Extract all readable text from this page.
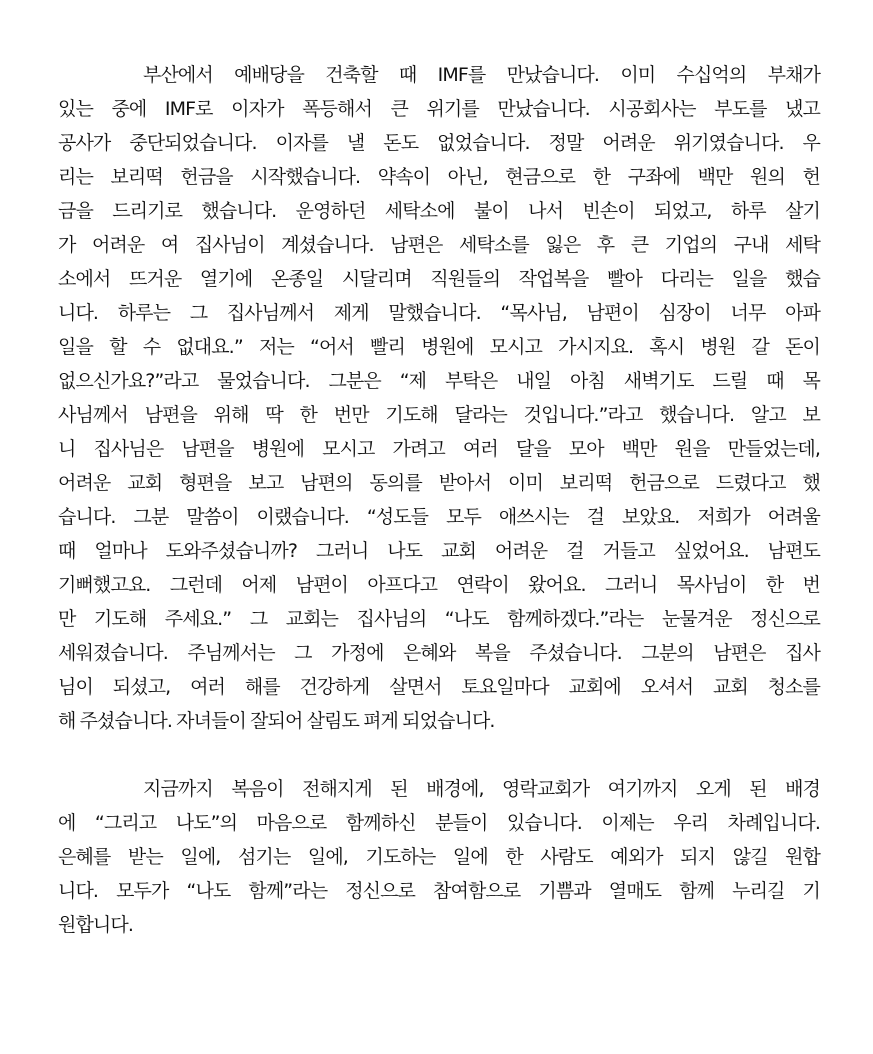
부산에서 예배당을 건축할 때 IMF를 만났습니다. 이미 수십억의 부채가
있는 중에 IMF로 이자가 폭등해서 큰 위기를 만났습니다. 시공회사는 부도를 냈고
공사가 중단되었습니다. 이자를 낼 돈도 없었습니다. 정말 어려운 위기였습니다. 우
리는 보리떡 헌금을 시작했습니다. 약속이 아닌, 현금으로 한 구좌에 백만 원의 헌
금을 드리기로 했습니다. 운영하던 세탁소에 불이 나서 빈손이 되었고, 하루 살기
가 어려운 여 집사님이 계셨습니다. 남편은 세탁소를 잃은 후 큰 기업의 구내 세탁
소에서 뜨거운 열기에 온종일 시달리며 직원들의 작업복을 빨아 다리는 일을 했습
니다. 하루는 그 집사님께서 제게 말했습니다. “목사님, 남편이 심장이 너무 아파
일을 할 수 없대요.” 저는 “어서 빨리 병원에 모시고 가시지요. 혹시 병원 갈 돈이
없으신가요?”라고 물었습니다. 그분은 “제 부탁은 내일 아침 새벽기도 드릴 때 목
사님께서 남편을 위해 딱 한 번만 기도해 달라는 것입니다.”라고 했습니다. 알고 보
니 집사님은 남편을 병원에 모시고 가려고 여러 달을 모아 백만 원을 만들었는데,
어려운 교회 형편을 보고 남편의 동의를 받아서 이미 보리떡 헌금으로 드렸다고 했
습니다. 그분 말씀이 이랬습니다. “성도들 모두 애쓰시는 걸 보았요. 저희가 어려울
때 얼마나 도와주셨습니까? 그러니 나도 교회 어려운 걸 거들고 싶었어요. 남편도
기뻐했고요. 그런데 어제 남편이 아프다고 연락이 왔어요. 그러니 목사님이 한 번
만 기도해 주세요.” 그 교회는 집사님의 “나도 함께하겠다.”라는 눈물겨운 정신으로
세워졌습니다. 주님께서는 그 가정에 은혜와 복을 주셨습니다. 그분의 남편은 집사
님이 되셨고, 여러 해를 건강하게 살면서 토요일마다 교회에 오셔서 교회 청소를
해 주셨습니다. 자녀들이 잘되어 살림도 펴게 되었습니다.
지금까지 복음이 전해지게 된 배경에, 영락교회가 여기까지 오게 된 배경
에 “그리고 나도”의 마음으로 함께하신 분들이 있습니다. 이제는 우리 차례입니다.
은혜를 받는 일에, 섬기는 일에, 기도하는 일에 한 사람도 예외가 되지 않길 원합
니다. 모두가 “나도 함께”라는 정신으로 참여함으로 기쁨과 열매도 함께 누리길 기
원합니다.
